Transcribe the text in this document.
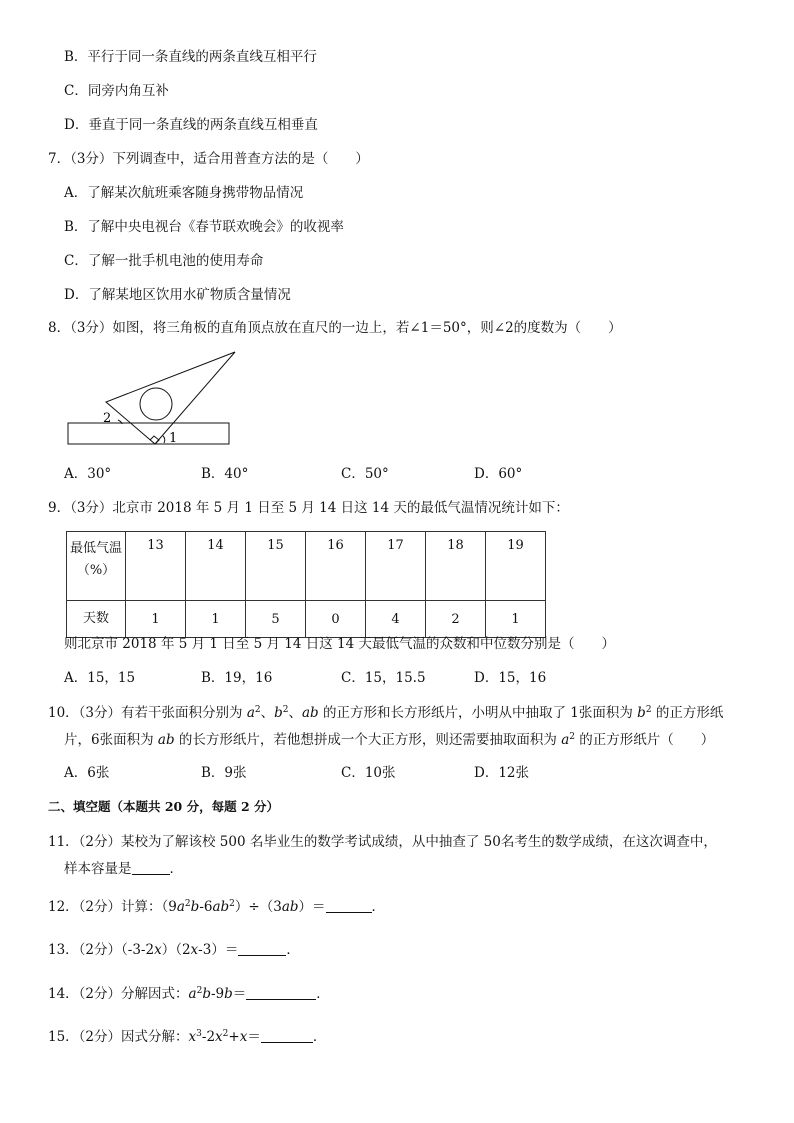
B．平行于同一条直线的两条直线互相平行
C．同旁内角互补
D．垂直于同一条直线的两条直线互相垂直
7．（3分）下列调查中，适合用普查方法的是（　　）
A．了解某次航班乘客随身携带物品情况
B．了解中央电视台《春节联欢晚会》的收视率
C．了解一批手机电池的使用寿命
D．了解某地区饮用水矿物质含量情况
8．（3分）如图，将三角板的直角顶点放在直尺的一边上，若∠1＝50°，则∠2的度数为（　　）
2
1
A．30°	B．40°	C．50°	D．60°
9．（3分）北京市 2018 年 5 月 1 日至 5 月 14 日这 14 天的最低气温情况统计如下：
最低气温
（%）	13	14	15	16	17	18	19
天数	1	1	5	0	4	2	1
则北京市 2018 年 5 月 1 日至 5 月 14 日这 14 天最低气温的众数和中位数分别是（　　）
A．15，15	B．19，16	C．15，15.5	D．15，16
10．（3分）有若干张面积分别为 $a^2$、$b^2$、ab 的正方形和长方形纸片，小明从中抽取了 1张面积为 $b^2$ 的正方形纸
片，6张面积为 ab 的长方形纸片，若他想拼成一个大正方形，则还需要抽取面积为 $a^2$ 的正方形纸片（　　）
A．6张	B．9张	C．10张	D．12张
二、填空题（本题共 20 分，每题 2 分）
11．（2分）某校为了解该校 500 名毕业生的数学考试成绩，从中抽查了 50名考生的数学成绩，在这次调查中，
样本容量是	．
12．（2分）计算：$(9a^2b-6ab^2)\div(3ab)=$	．
13．（2分）（-3-2x）（2x-3）＝	．
14．（2分）分解因式：$a^2b-9b=$	．
15．（2分）因式分解：$x^3-2x^2+x=$	．
